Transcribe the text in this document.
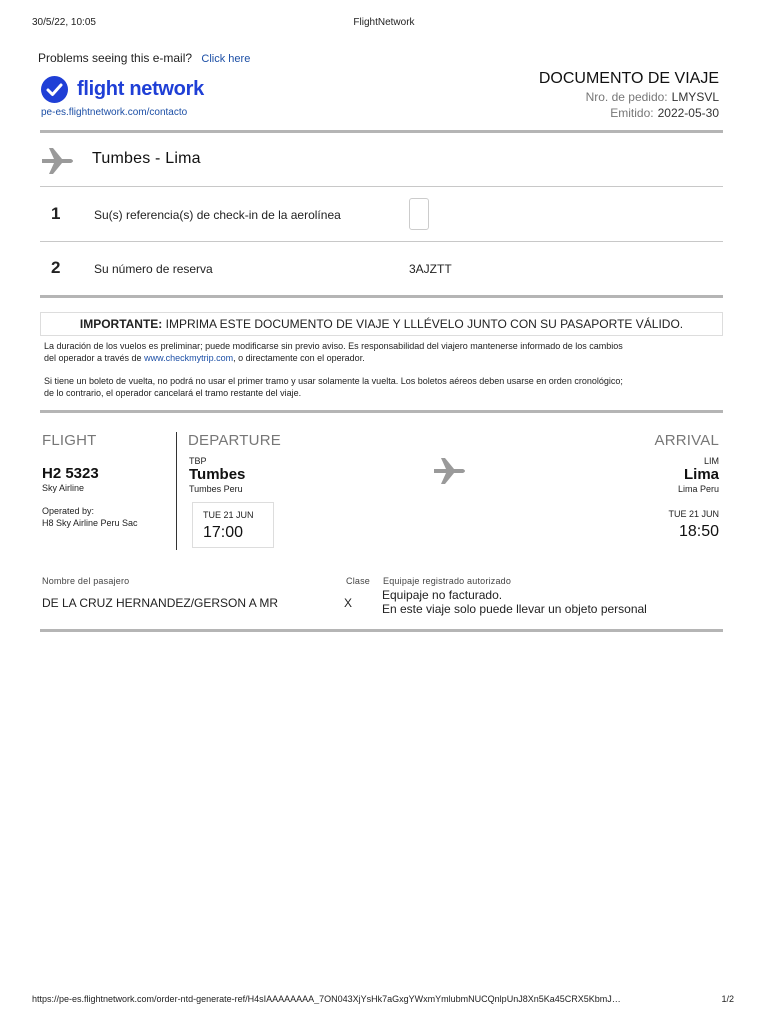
30/5/22, 10:05	FlightNetwork
Problems seeing this e-mail? Click here
flight network
pe-es.flightnetwork.com/contacto
DOCUMENTO DE VIAJE
Nro. de pedido: LMYSVL
Emitido: 2022-05-30
Tumbes - Lima
1	Su(s) referencia(s) de check-in de la aerolínea
2	Su número de reserva	3AJZTT
IMPORTANTE: IMPRIMA ESTE DOCUMENTO DE VIAJE Y LLLÉVELO JUNTO CON SU PASAPORTE VÁLIDO.
La duración de los vuelos es preliminar; puede modificarse sin previo aviso. Es responsabilidad del viajero mantenerse informado de los cambios
del operador a través de www.checkmytrip.com, o directamente con el operador.
Si tiene un boleto de vuelta, no podrá no usar el primer tramo y usar solamente la vuelta. Los boletos aéreos deben usarse en orden cronológico;
de lo contrario, el operador cancelará el tramo restante del viaje.
FLIGHT
H2 5323
Sky Airline
Operated by:
H8 Sky Airline Peru Sac
DEPARTURE
TBP
Tumbes
Tumbes Peru
TUE 21 JUN
17:00
ARRIVAL
LIM
Lima
Lima Peru
TUE 21 JUN
18:50
Nombre del pasajero	Clase Equipaje registrado autorizado
DE LA CRUZ HERNANDEZ/GERSON A MR	X
Equipaje no facturado.
En este viaje solo puede llevar un objeto personal
https://pe-es.flightnetwork.com/order-ntd-generate-ref/H4sIAAAAAAAA_7ON043XjYsHk7aGxgYWxmYmlubmNUCQnlpUnJ8Xn5Ka45CRX5KbmJ…	1/2
